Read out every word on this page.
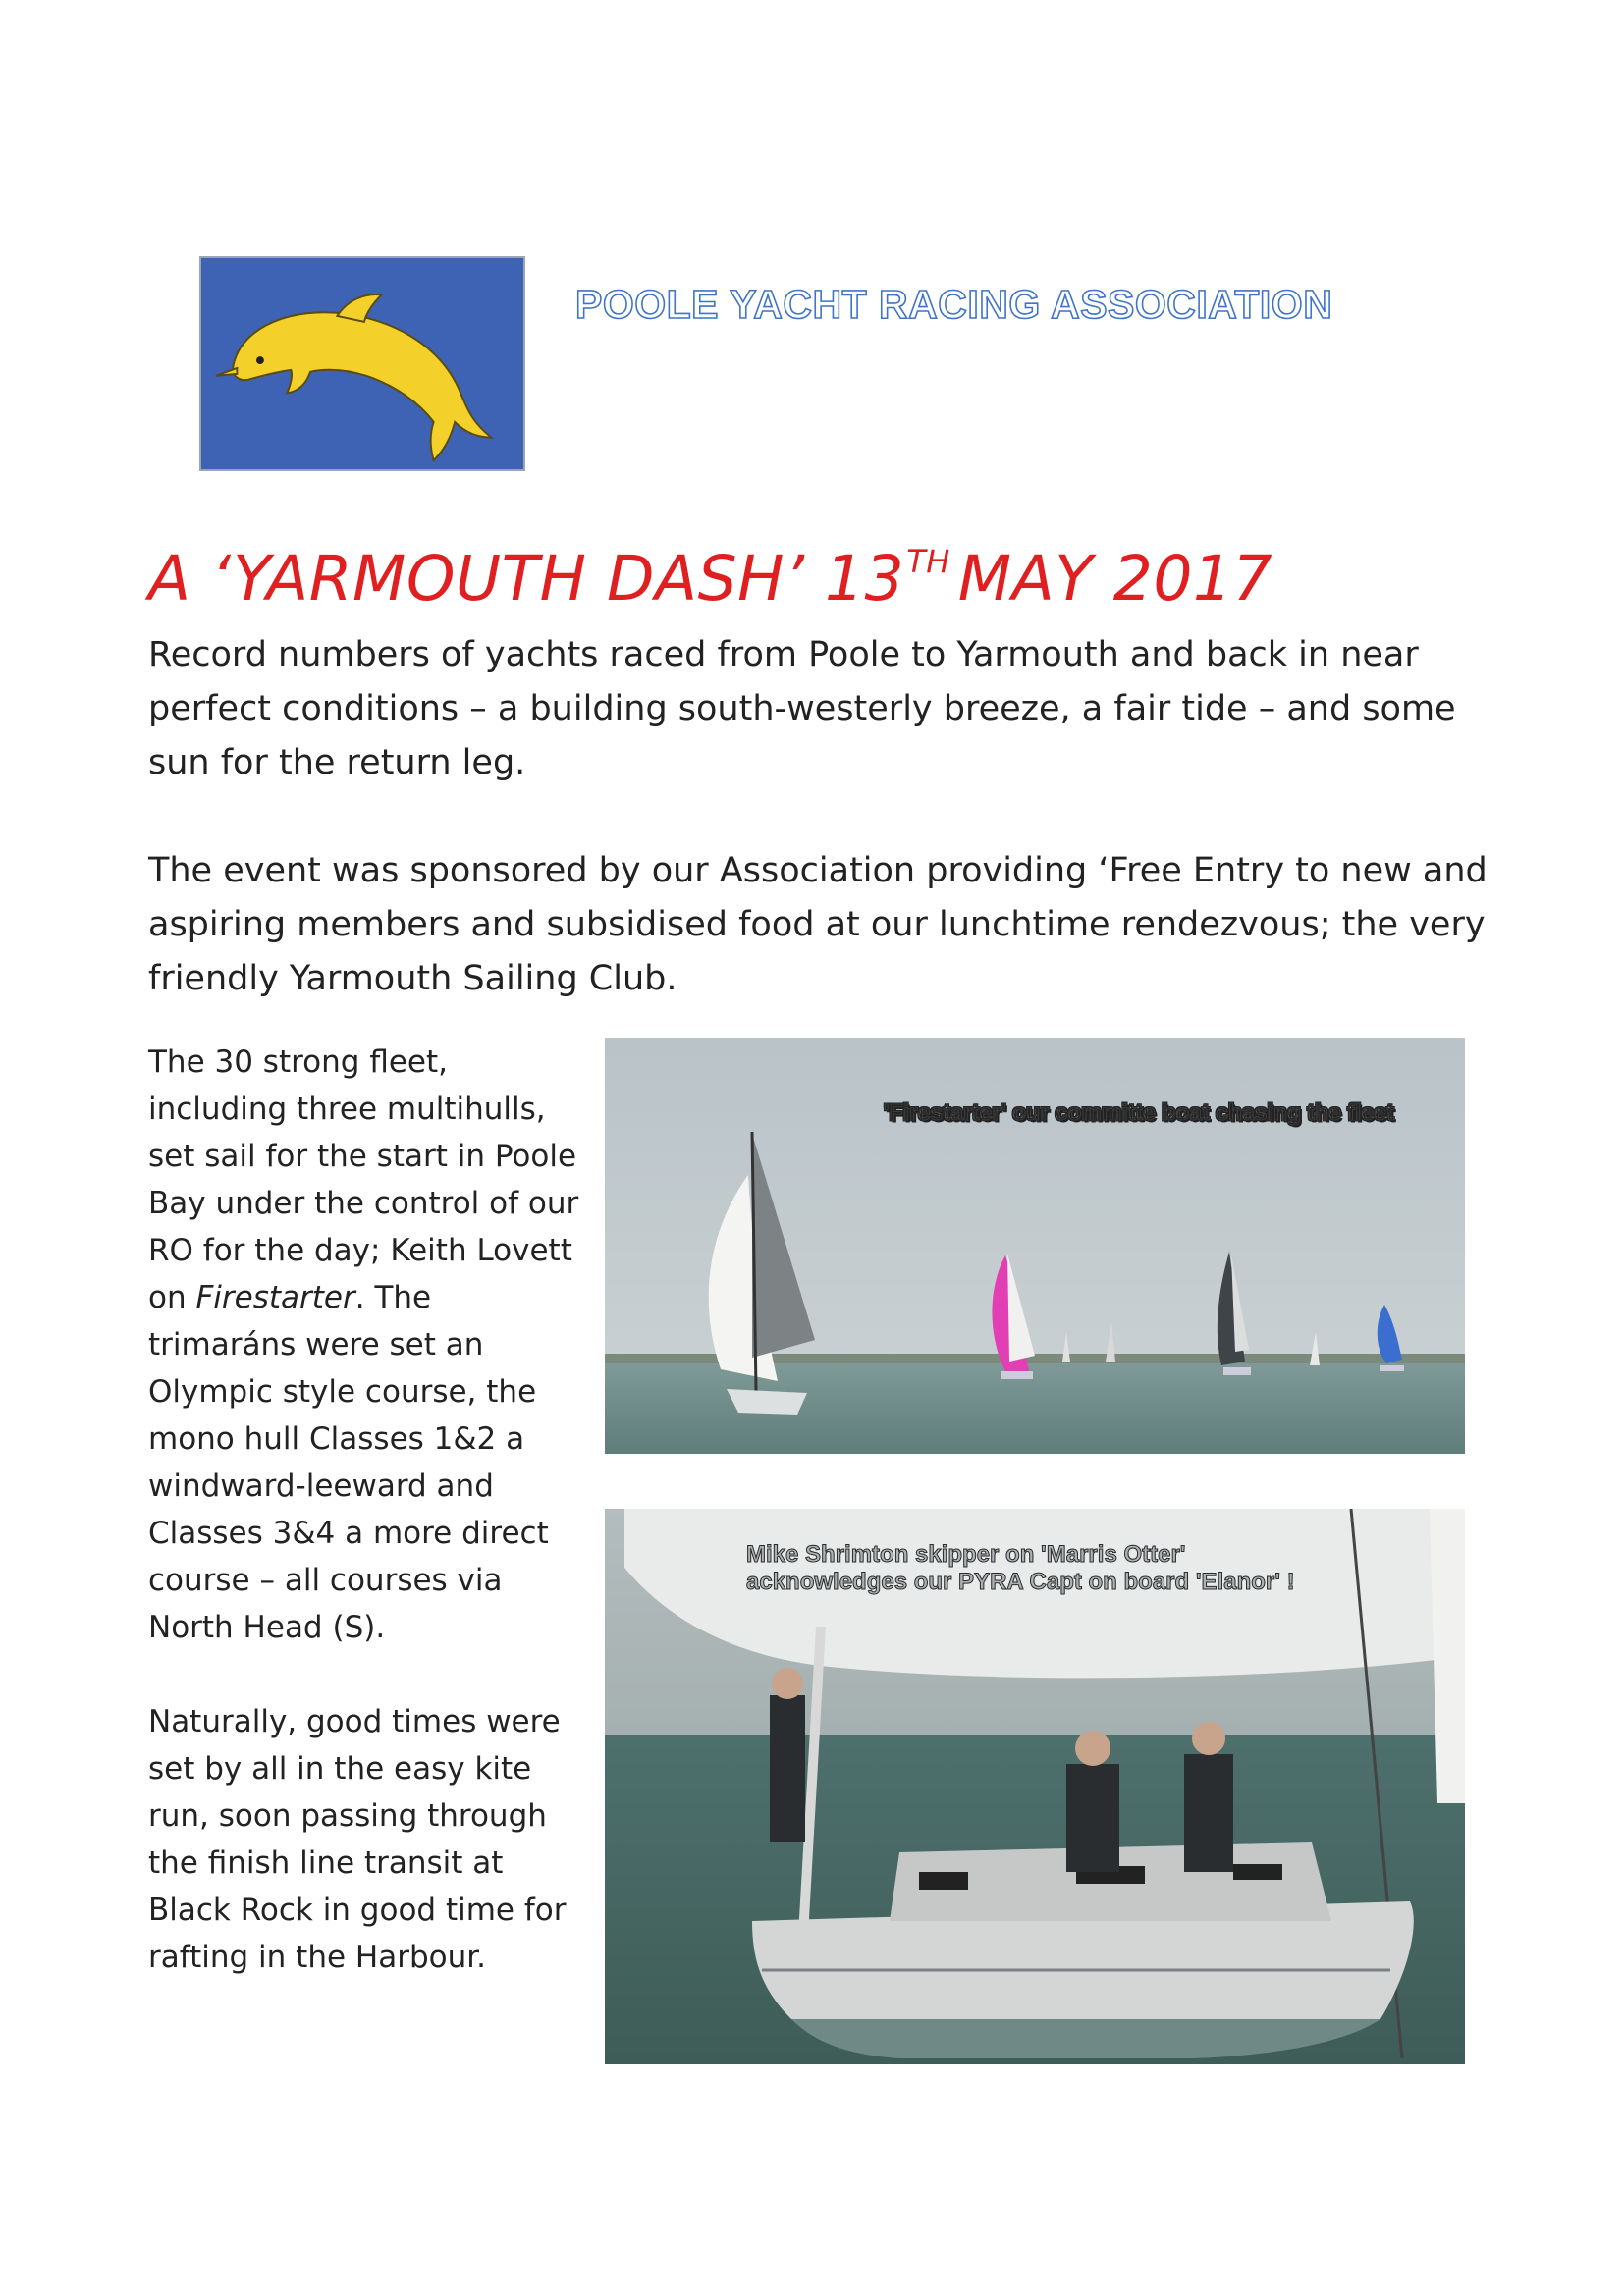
POOLE YACHT RACING ASSOCIATION
A ‘YARMOUTH DASH’ 13TH MAY 2017

Record numbers of yachts raced from Poole to Yarmouth and back in near perfect conditions – a building south-westerly breeze, a fair tide – and some sun for the return leg.

The event was sponsored by our Association providing ‘Free Entry to new and aspiring members and subsidised food at our lunchtime rendezvous; the very friendly Yarmouth Sailing Club.

The 30 strong fleet, including three multihulls, set sail for the start in Poole Bay under the control of our RO for the day; Keith Lovett on Firestarter. The trimaráns were set an Olympic style course, the mono hull Classes 1&2 a windward-leeward and Classes 3&4 a more direct course – all courses via North Head (S).

Naturally, good times were set by all in the easy kite run, soon passing through the finish line transit at Black Rock in good time for rafting in the Harbour.

'Firestarter' our committe boat chasing the fleet
Mike Shrimton skipper on 'Marris Otter'
acknowledges our PYRA Capt on board 'Elanor' !
